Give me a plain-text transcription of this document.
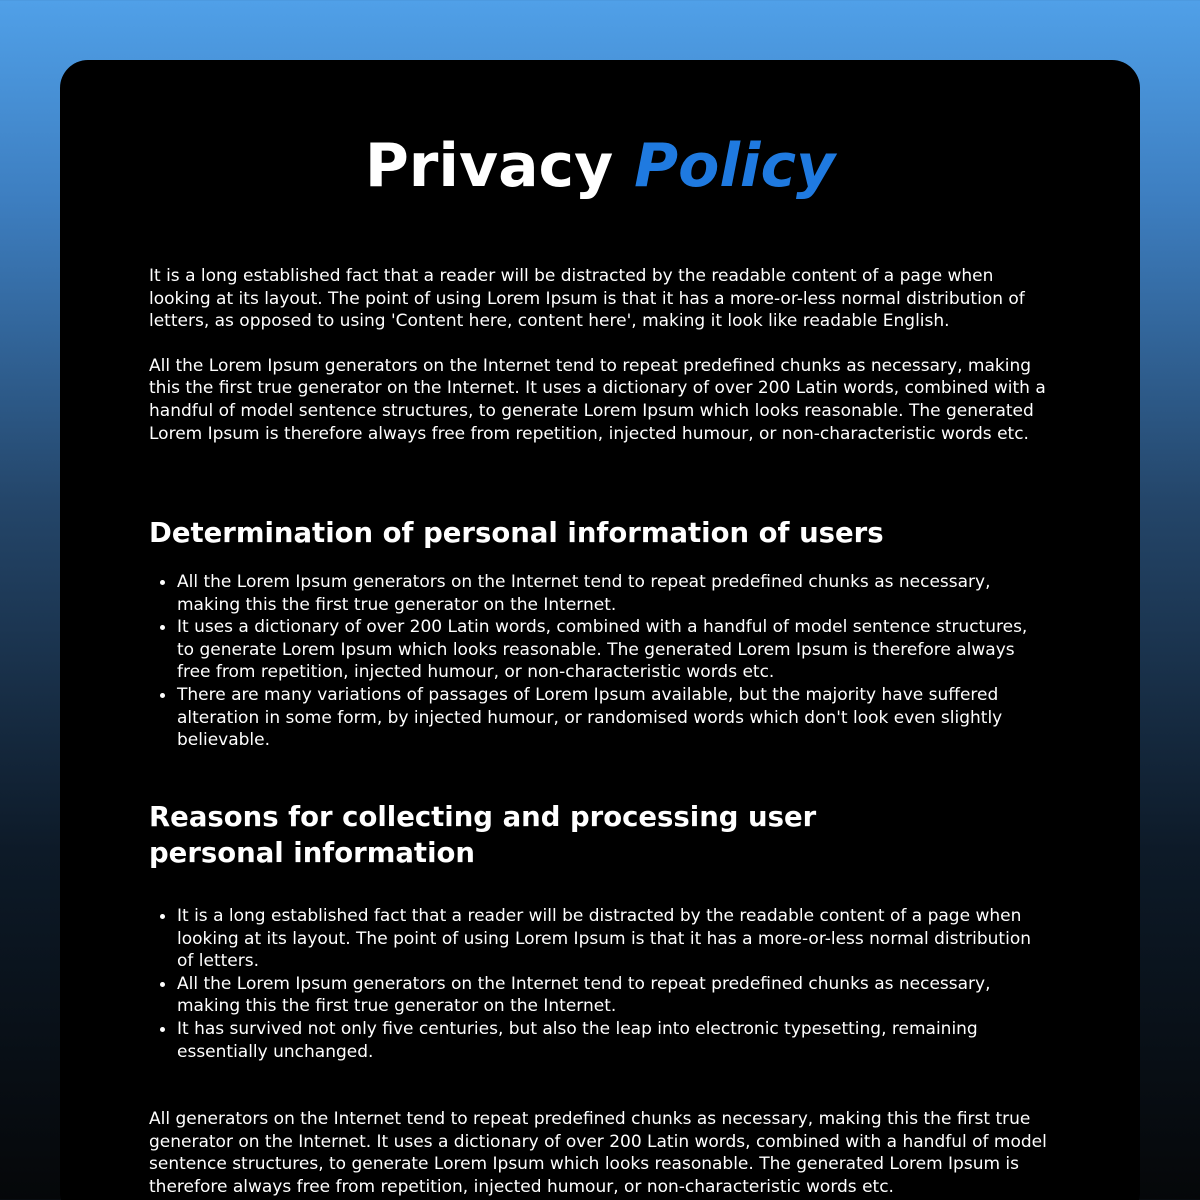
Privacy Policy

It is a long established fact that a reader will be distracted by the readable content of a page when looking at its layout. The point of using Lorem Ipsum is that it has a more-or-less normal distribution of letters, as opposed to using 'Content here, content here', making it look like readable English.

All the Lorem Ipsum generators on the Internet tend to repeat predefined chunks as necessary, making this the first true generator on the Internet. It uses a dictionary of over 200 Latin words, combined with a handful of model sentence structures, to generate Lorem Ipsum which looks reasonable. The generated Lorem Ipsum is therefore always free from repetition, injected humour, or non-characteristic words etc.

Determination of personal information of users
All the Lorem Ipsum generators on the Internet tend to repeat predefined chunks as necessary, making this the first true generator on the Internet.
It uses a dictionary of over 200 Latin words, combined with a handful of model sentence structures, to generate Lorem Ipsum which looks reasonable. The generated Lorem Ipsum is therefore always free from repetition, injected humour, or non-characteristic words etc.
There are many variations of passages of Lorem Ipsum available, but the majority have suffered alteration in some form, by injected humour, or randomised words which don't look even slightly believable.
Reasons for collecting and processing user personal information
It is a long established fact that a reader will be distracted by the readable content of a page when looking at its layout. The point of using Lorem Ipsum is that it has a more-or-less normal distribution of letters.
All the Lorem Ipsum generators on the Internet tend to repeat predefined chunks as necessary, making this the first true generator on the Internet.
It has survived not only five centuries, but also the leap into electronic typesetting, remaining essentially unchanged.

All generators on the Internet tend to repeat predefined chunks as necessary, making this the first true generator on the Internet. It uses a dictionary of over 200 Latin words, combined with a handful of model sentence structures, to generate Lorem Ipsum which looks reasonable. The generated Lorem Ipsum is therefore always free from repetition, injected humour, or non-characteristic words etc.
